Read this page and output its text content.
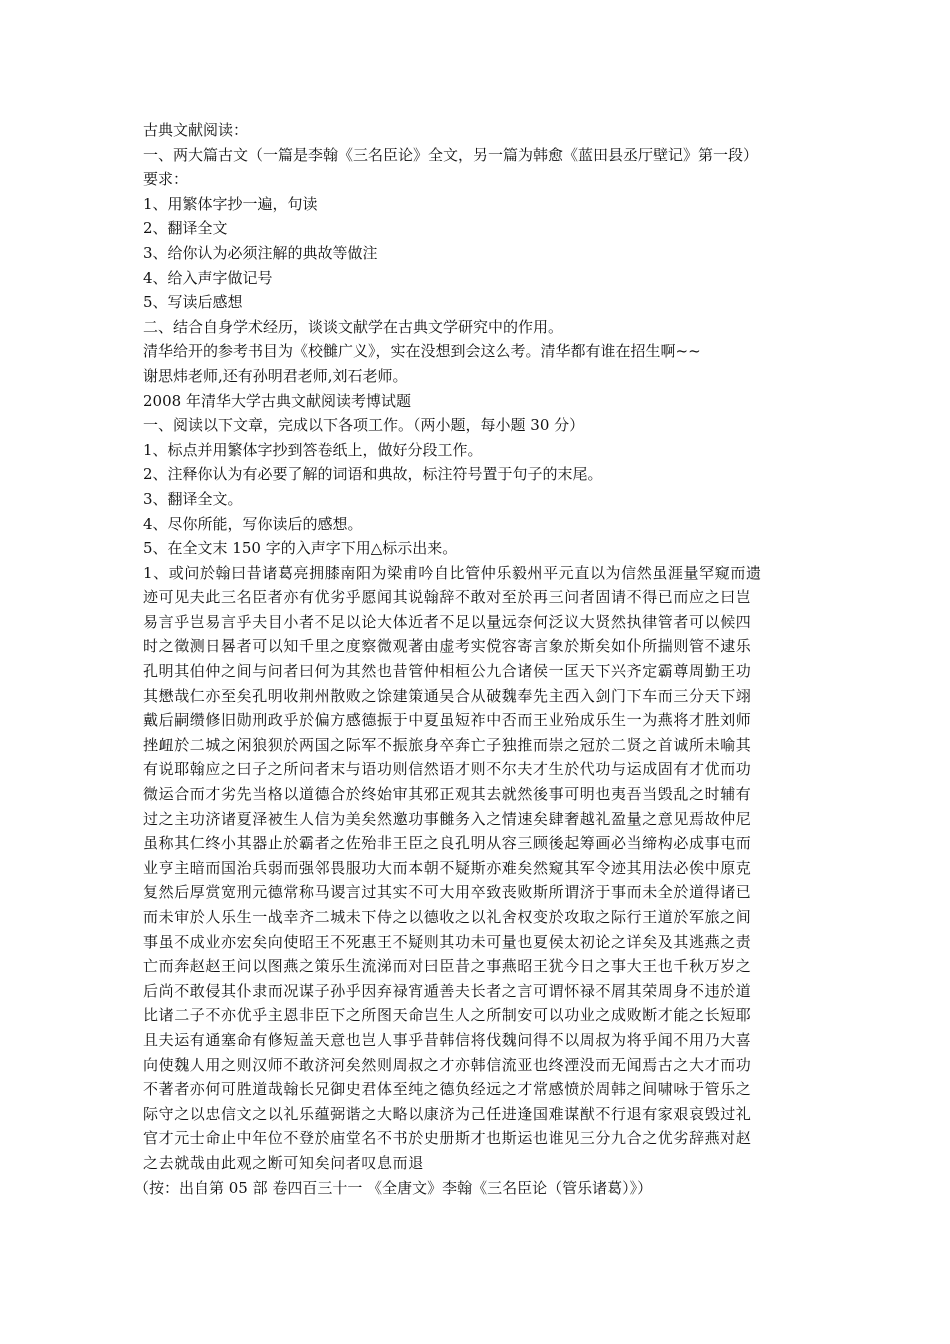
古典文献阅读：
一、两大篇古文（一篇是李翰《三名臣论》全文，另一篇为韩愈《蓝田县丞厅壁记》第一段）
要求：
1、用繁体字抄一遍，句读
2、翻译全文
3、给你认为必须注解的典故等做注
4、给入声字做记号
5、写读后感想
二、结合自身学术经历，谈谈文献学在古典文学研究中的作用。
清华给开的参考书目为《校雠广义》，实在没想到会这么考。清华都有谁在招生啊~~
谢思炜老师,还有孙明君老师,刘石老师。
2008 年清华大学古典文献阅读考博试题
一、阅读以下文章，完成以下各项工作。（两小题，每小题 30 分）
1、标点并用繁体字抄到答卷纸上，做好分段工作。
2、注释你认为有必要了解的词语和典故，标注符号置于句子的末尾。
3、翻译全文。
4、尽你所能，写你读后的感想。
5、在全文末 150 字的入声字下用△标示出来。
1、或问於翰曰昔诸葛亮拥膝南阳为梁甫吟自比管仲乐毅州平元直以为信然虽涯量罕窥而遗
迹可见夫此三名臣者亦有优劣乎愿闻其说翰辞不敢对至於再三问者固请不得已而应之曰岂
易言乎岂易言乎夫目小者不足以论大体近者不足以量远奈何泛议大贤然执律管者可以候四
时之徵测日晷者可以知千里之度察微观著由虚考实傥容寄言象於斯矣如仆所揣则管不逮乐
孔明其伯仲之间与问者曰何为其然也昔管仲相桓公九合诸侯一匡天下兴齐定霸尊周勤王功
其懋哉仁亦至矣孔明收荆州散败之馀建策通吴合从破魏奉先主西入剑门下车而三分天下翊
戴后嗣缵修旧勋刑政乎於偏方感德振于中夏虽短祚中否而王业殆成乐生一为燕将才胜刘师
挫衄於二城之闲狼狈於两国之际军不振旅身卒奔亡子独推而崇之冠於二贤之首诚所未喻其
有说耶翰应之曰子之所问者末与语功则信然语才则不尔夫才生於代功与运成固有才优而功
微运合而才劣先当格以道德合於终始审其邪正观其去就然後事可明也夷吾当毁乱之时辅有
过之主功济诸夏泽被生人信为美矣然邀功事雠务入之情速矣肆奢越礼盈量之意见焉故仲尼
虽称其仁终小其器止於霸者之佐殆非王臣之良孔明从容三顾後起筹画必当缔构必成事屯而
业亨主暗而国治兵弱而强邻畏服功大而本朝不疑斯亦难矣然窥其军令迹其用法必俟中原克
复然后厚赏宽刑元德常称马谡言过其实不可大用卒致丧败斯所谓济于事而未全於道得诸已
而未审於人乐生一战幸齐二城未下侍之以德收之以礼舍权变於攻取之际行王道於军旅之间
事虽不成业亦宏矣向使昭王不死惠王不疑则其功未可量也夏侯太初论之详矣及其逃燕之责
亡而奔赵赵王问以图燕之策乐生流涕而对曰臣昔之事燕昭王犹今日之事大王也千秋万岁之
后尚不敢侵其仆隶而况谋子孙乎因弃禄宵遁善夫长者之言可谓怀禄不屑其荣周身不违於道
比诸二子不亦优乎主恩非臣下之所图天命岂生人之所制安可以功业之成败断才能之长短耶
且夫运有通塞命有修短盖天意也岂人事乎昔韩信将伐魏问得不以周叔为将乎闻不用乃大喜
向使魏人用之则汉师不敢济河矣然则周叔之才亦韩信流亚也终湮没而无闻焉古之大才而功
不著者亦何可胜道哉翰长兄御史君体至纯之德负经远之才常感愤於周韩之间啸咏于管乐之
际守之以忠信文之以礼乐蕴弼谐之大略以康济为己任进逢国难谋猷不行退有家艰哀毁过礼
官才元士命止中年位不登於庙堂名不书於史册斯才也斯运也谁见三分九合之优劣辞燕对赵
之去就哉由此观之断可知矣问者叹息而退
（按：出自第 05 部 卷四百三十一 《全唐文》李翰《三名臣论（管乐诸葛）》）
